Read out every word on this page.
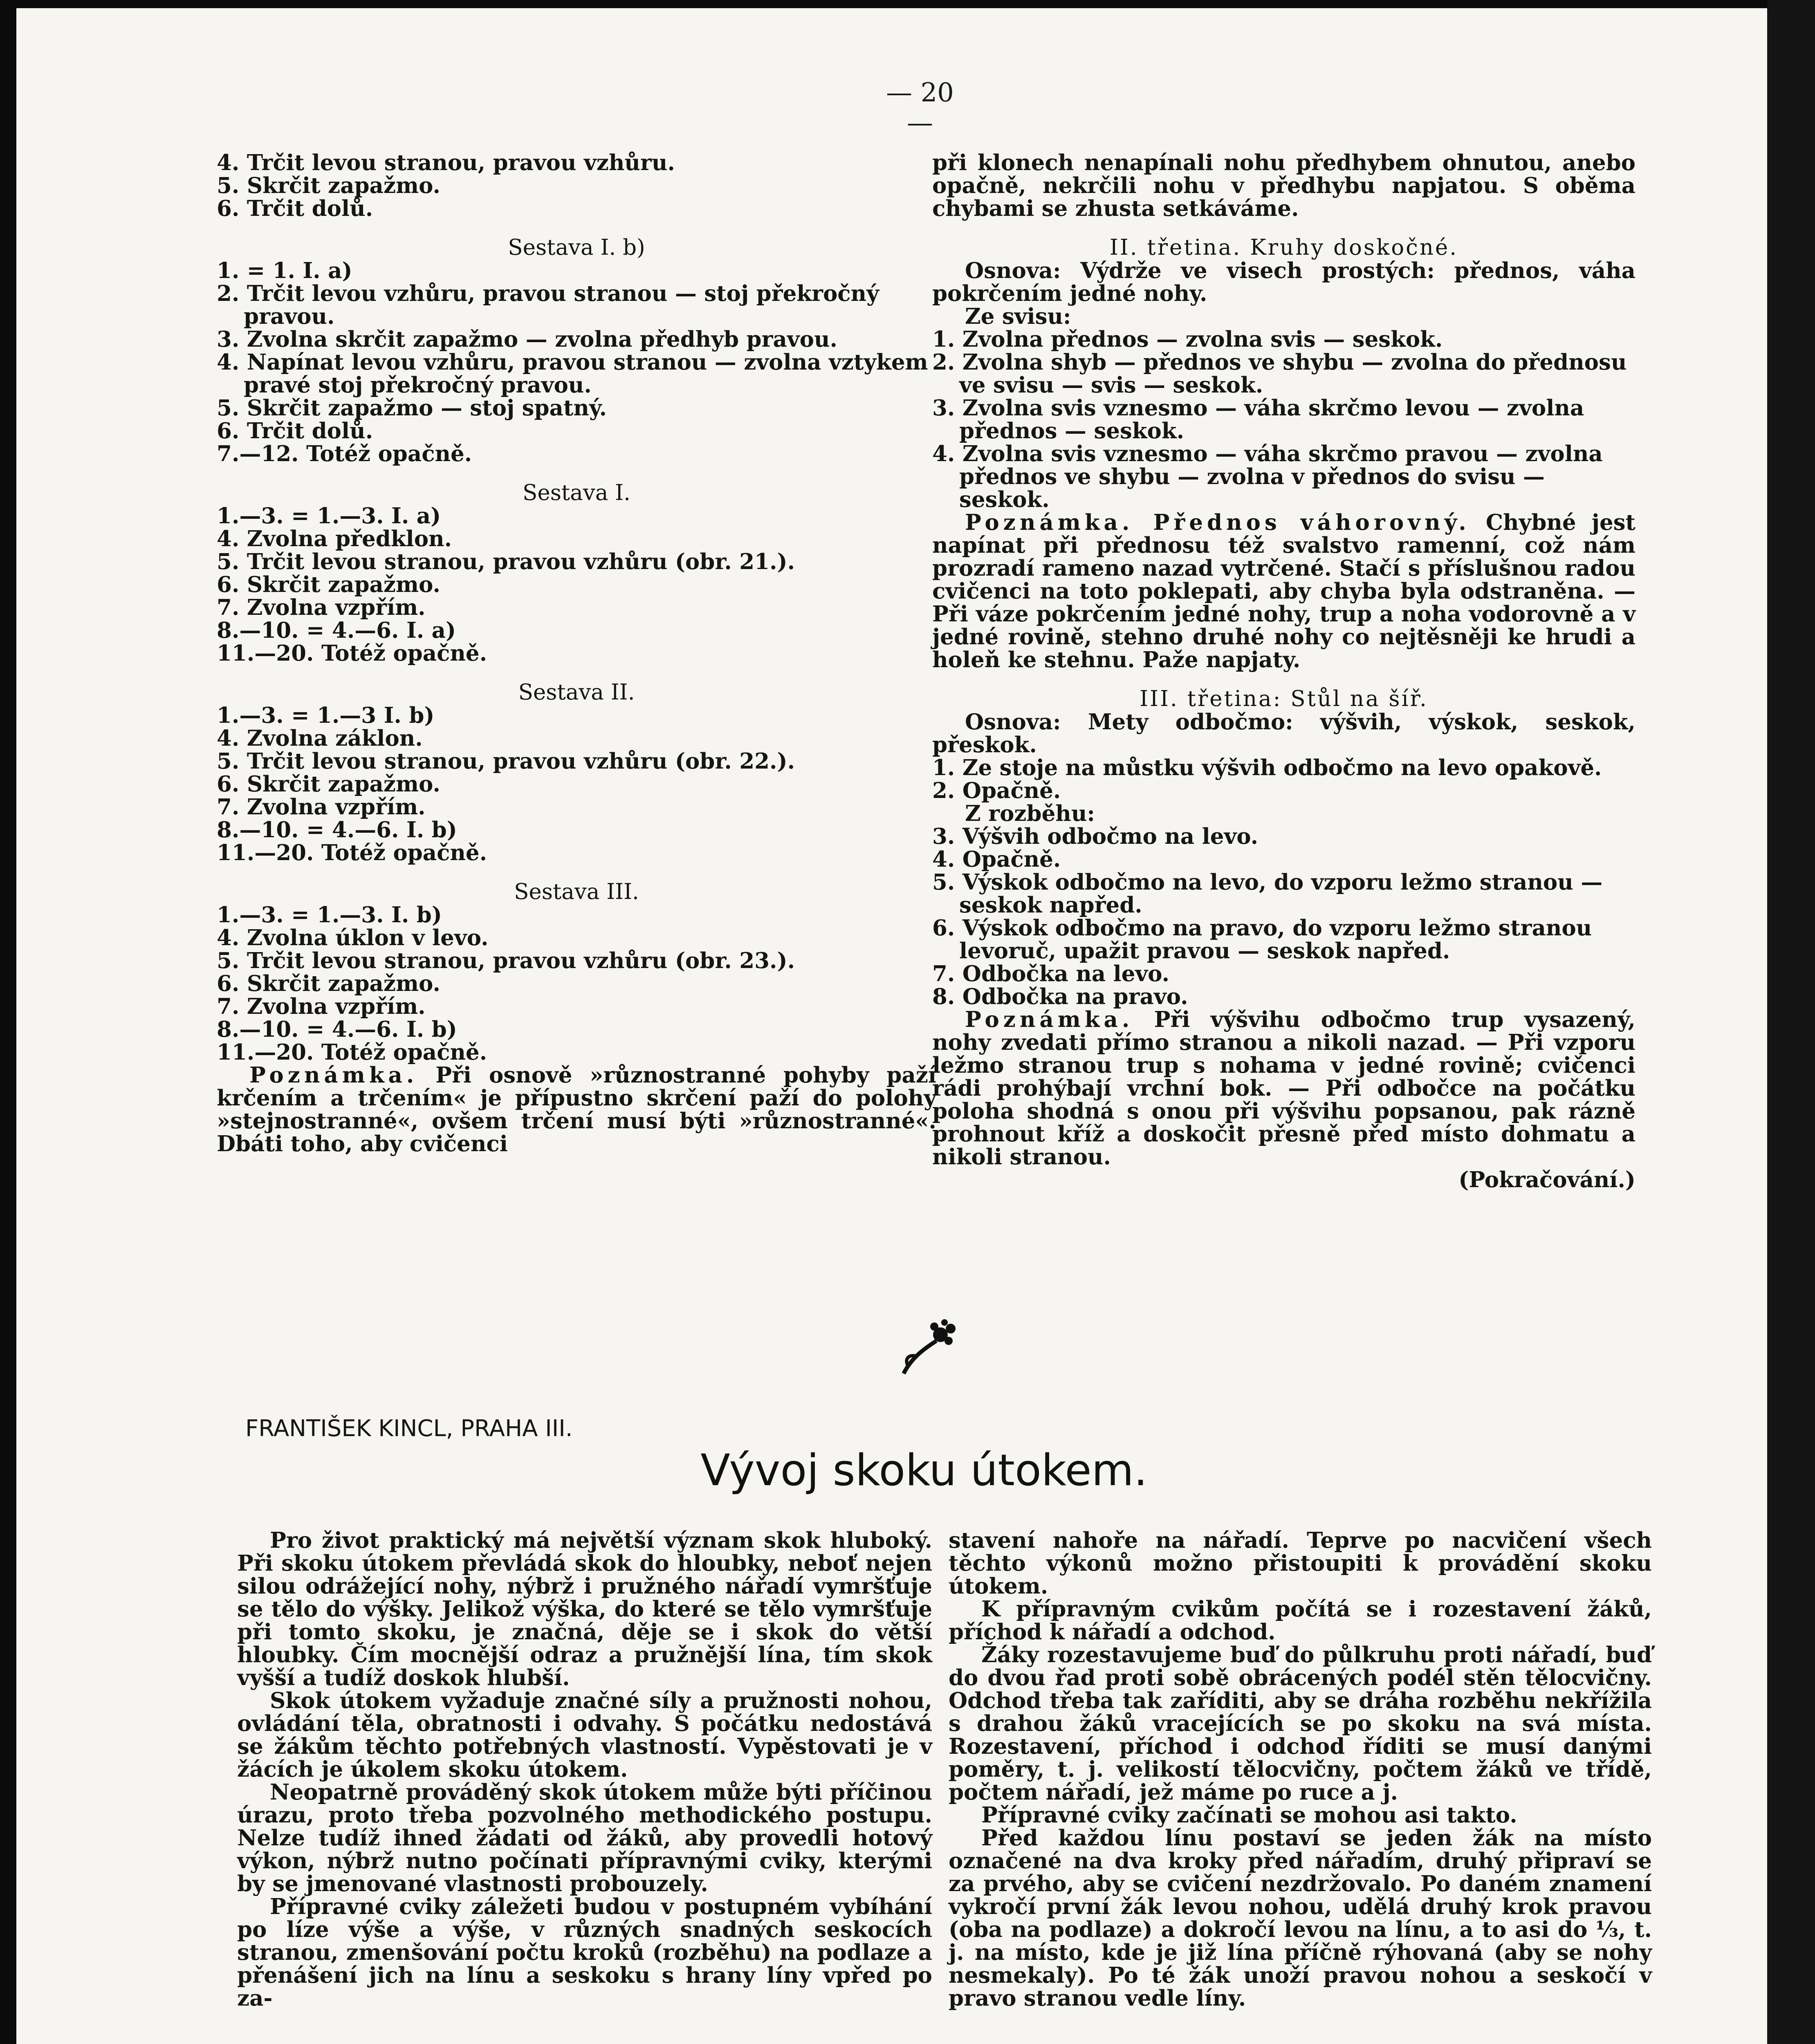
— 20 —

4. Trčit levou stranou, pravou vzhůru.

5. Skrčit zapažmo.

6. Trčit dolů.

Sestava I. b)

1. = 1. I. a)

2. Trčit levou vzhůru, pravou stranou — stoj překročný pravou.

3. Zvolna skrčit zapažmo — zvolna předhyb pravou.

4. Napínat levou vzhůru, pravou stranou — zvolna vztykem pravé stoj překročný pravou.

5. Skrčit zapažmo — stoj spatný.

6. Trčit dolů.

7.—12. Totéž opačně.

Sestava I.

1.—3. = 1.—3. I. a)

4. Zvolna předklon.

5. Trčit levou stranou, pravou vzhůru (obr. 21.).

6. Skrčit zapažmo.

7. Zvolna vzpřím.

8.—10. = 4.—6. I. a)

11.—20. Totéž opačně.

Sestava II.

1.—3. = 1.—3 I. b)

4. Zvolna záklon.

5. Trčit levou stranou, pravou vzhůru (obr. 22.).

6. Skrčit zapažmo.

7. Zvolna vzpřím.

8.—10. = 4.—6. I. b)

11.—20. Totéž opačně.

Sestava III.

1.—3. = 1.—3. I. b)

4. Zvolna úklon v levo.

5. Trčit levou stranou, pravou vzhůru (obr. 23.).

6. Skrčit zapažmo.

7. Zvolna vzpřím.

8.—10. = 4.—6. I. b)

11.—20. Totéž opačně.

Poznámka. Při osnově »různostranné pohyby paží krčením a trčením« je přípustno skrčení paží do polohy »stejnostranné«, ovšem trčení musí býti »různostranné«. Dbáti toho, aby cvičenci

při klonech nenapínali nohu předhybem ohnutou, anebo opačně, nekrčili nohu v předhybu napjatou. S oběma chybami se zhusta setkáváme.

II. třetina. Kruhy doskočné.

Osnova: Výdrže ve visech prostých: přednos, váha pokrčením jedné nohy.

Ze svisu:

1. Zvolna přednos — zvolna svis — seskok.

2. Zvolna shyb — přednos ve shybu — zvolna do přednosu ve svisu — svis — seskok.

3. Zvolna svis vznesmo — váha skrčmo levou — zvolna přednos — seskok.

4. Zvolna svis vznesmo — váha skrčmo pravou — zvolna přednos ve shybu — zvolna v přednos do svisu — seskok.

Poznámka. Přednos váhorovný. Chybné jest napínat při přednosu též svalstvo ramenní, což nám prozradí rameno nazad vytrčené. Stačí s příslušnou radou cvičenci na toto poklepati, aby chyba byla odstraněna. — Při váze pokrčením jedné nohy, trup a noha vodorovně a v jedné rovině, stehno druhé nohy co nejtěsněji ke hrudi a holeň ke stehnu. Paže napjaty.

III. třetina: Stůl na šíř.

Osnova: Mety odbočmo: výšvih, výskok, seskok, přeskok.

1. Ze stoje na můstku výšvih odbočmo na levo opakově.

2. Opačně.

Z rozběhu:

3. Výšvih odbočmo na levo.

4. Opačně.

5. Výskok odbočmo na levo, do vzporu ležmo stranou — seskok napřed.

6. Výskok odbočmo na pravo, do vzporu ležmo stranou levoruč, upažit pravou — seskok napřed.

7. Odbočka na levo.

8. Odbočka na pravo.

Poznámka. Při výšvihu odbočmo trup vysazený, nohy zvedati přímo stranou a nikoli nazad. — Při vzporu ležmo stranou trup s nohama v jedné rovině; cvičenci rádi prohýbají vrchní bok. — Při odbočce na počátku poloha shodná s onou při výšvihu popsanou, pak rázně prohnout kříž a doskočit přesně před místo dohmatu a nikoli stranou.

(Pokračování.)

FRANTIŠEK KINCL, PRAHA III.
Vývoj skoku útokem.

Pro život praktický má největší význam skok hluboký. Při skoku útokem převládá skok do hloubky, neboť nejen silou odrážející nohy, nýbrž i pružného nářadí vymršťuje se tělo do výšky. Jelikož výška, do které se tělo vymršťuje při tomto skoku, je značná, děje se i skok do větší hloubky. Čím mocnější odraz a pružnější lína, tím skok vyšší a tudíž doskok hlubší.

Skok útokem vyžaduje značné síly a pružnosti nohou, ovládání těla, obratnosti i odvahy. S počátku nedostává se žákům těchto potřebných vlastností. Vypěstovati je v žácích je úkolem skoku útokem.

Neopatrně prováděný skok útokem může býti příčinou úrazu, proto třeba pozvolného methodického postupu. Nelze tudíž ihned žádati od žáků, aby provedli hotový výkon, nýbrž nutno počínati přípravnými cviky, kterými by se jmenované vlastnosti probouzely.

Přípravné cviky záležeti budou v postupném vybíhání po líze výše a výše, v různých snadných seskocích stranou, zmenšování počtu kroků (rozběhu) na podlaze a přenášení jich na línu a seskoku s hrany líny vpřed po za-

stavení nahoře na nářadí. Teprve po nacvičení všech těchto výkonů možno přistoupiti k provádění skoku útokem.

K přípravným cvikům počítá se i rozestavení žáků, příchod k nářadí a odchod.

Žáky rozestavujeme buď do půlkruhu proti nářadí, buď do dvou řad proti sobě obrácených podél stěn tělocvičny. Odchod třeba tak zaříditi, aby se dráha rozběhu nekřížila s drahou žáků vracejících se po skoku na svá místa. Rozestavení, příchod i odchod říditi se musí danými poměry, t. j. velikostí tělocvičny, počtem žáků ve třídě, počtem nářadí, jež máme po ruce a j.

Přípravné cviky začínati se mohou asi takto.

Před každou línu postaví se jeden žák na místo označené na dva kroky před nářadím, druhý připraví se za prvého, aby se cvičení nezdržovalo. Po daném znamení vykročí první žák levou nohou, udělá druhý krok pravou (oba na podlaze) a dokročí levou na línu, a to asi do ⅓, t. j. na místo, kde je již lína příčně rýhovaná (aby se nohy nesmekaly). Po té žák unoží pravou nohou a seskočí v pravo stranou vedle líny.
